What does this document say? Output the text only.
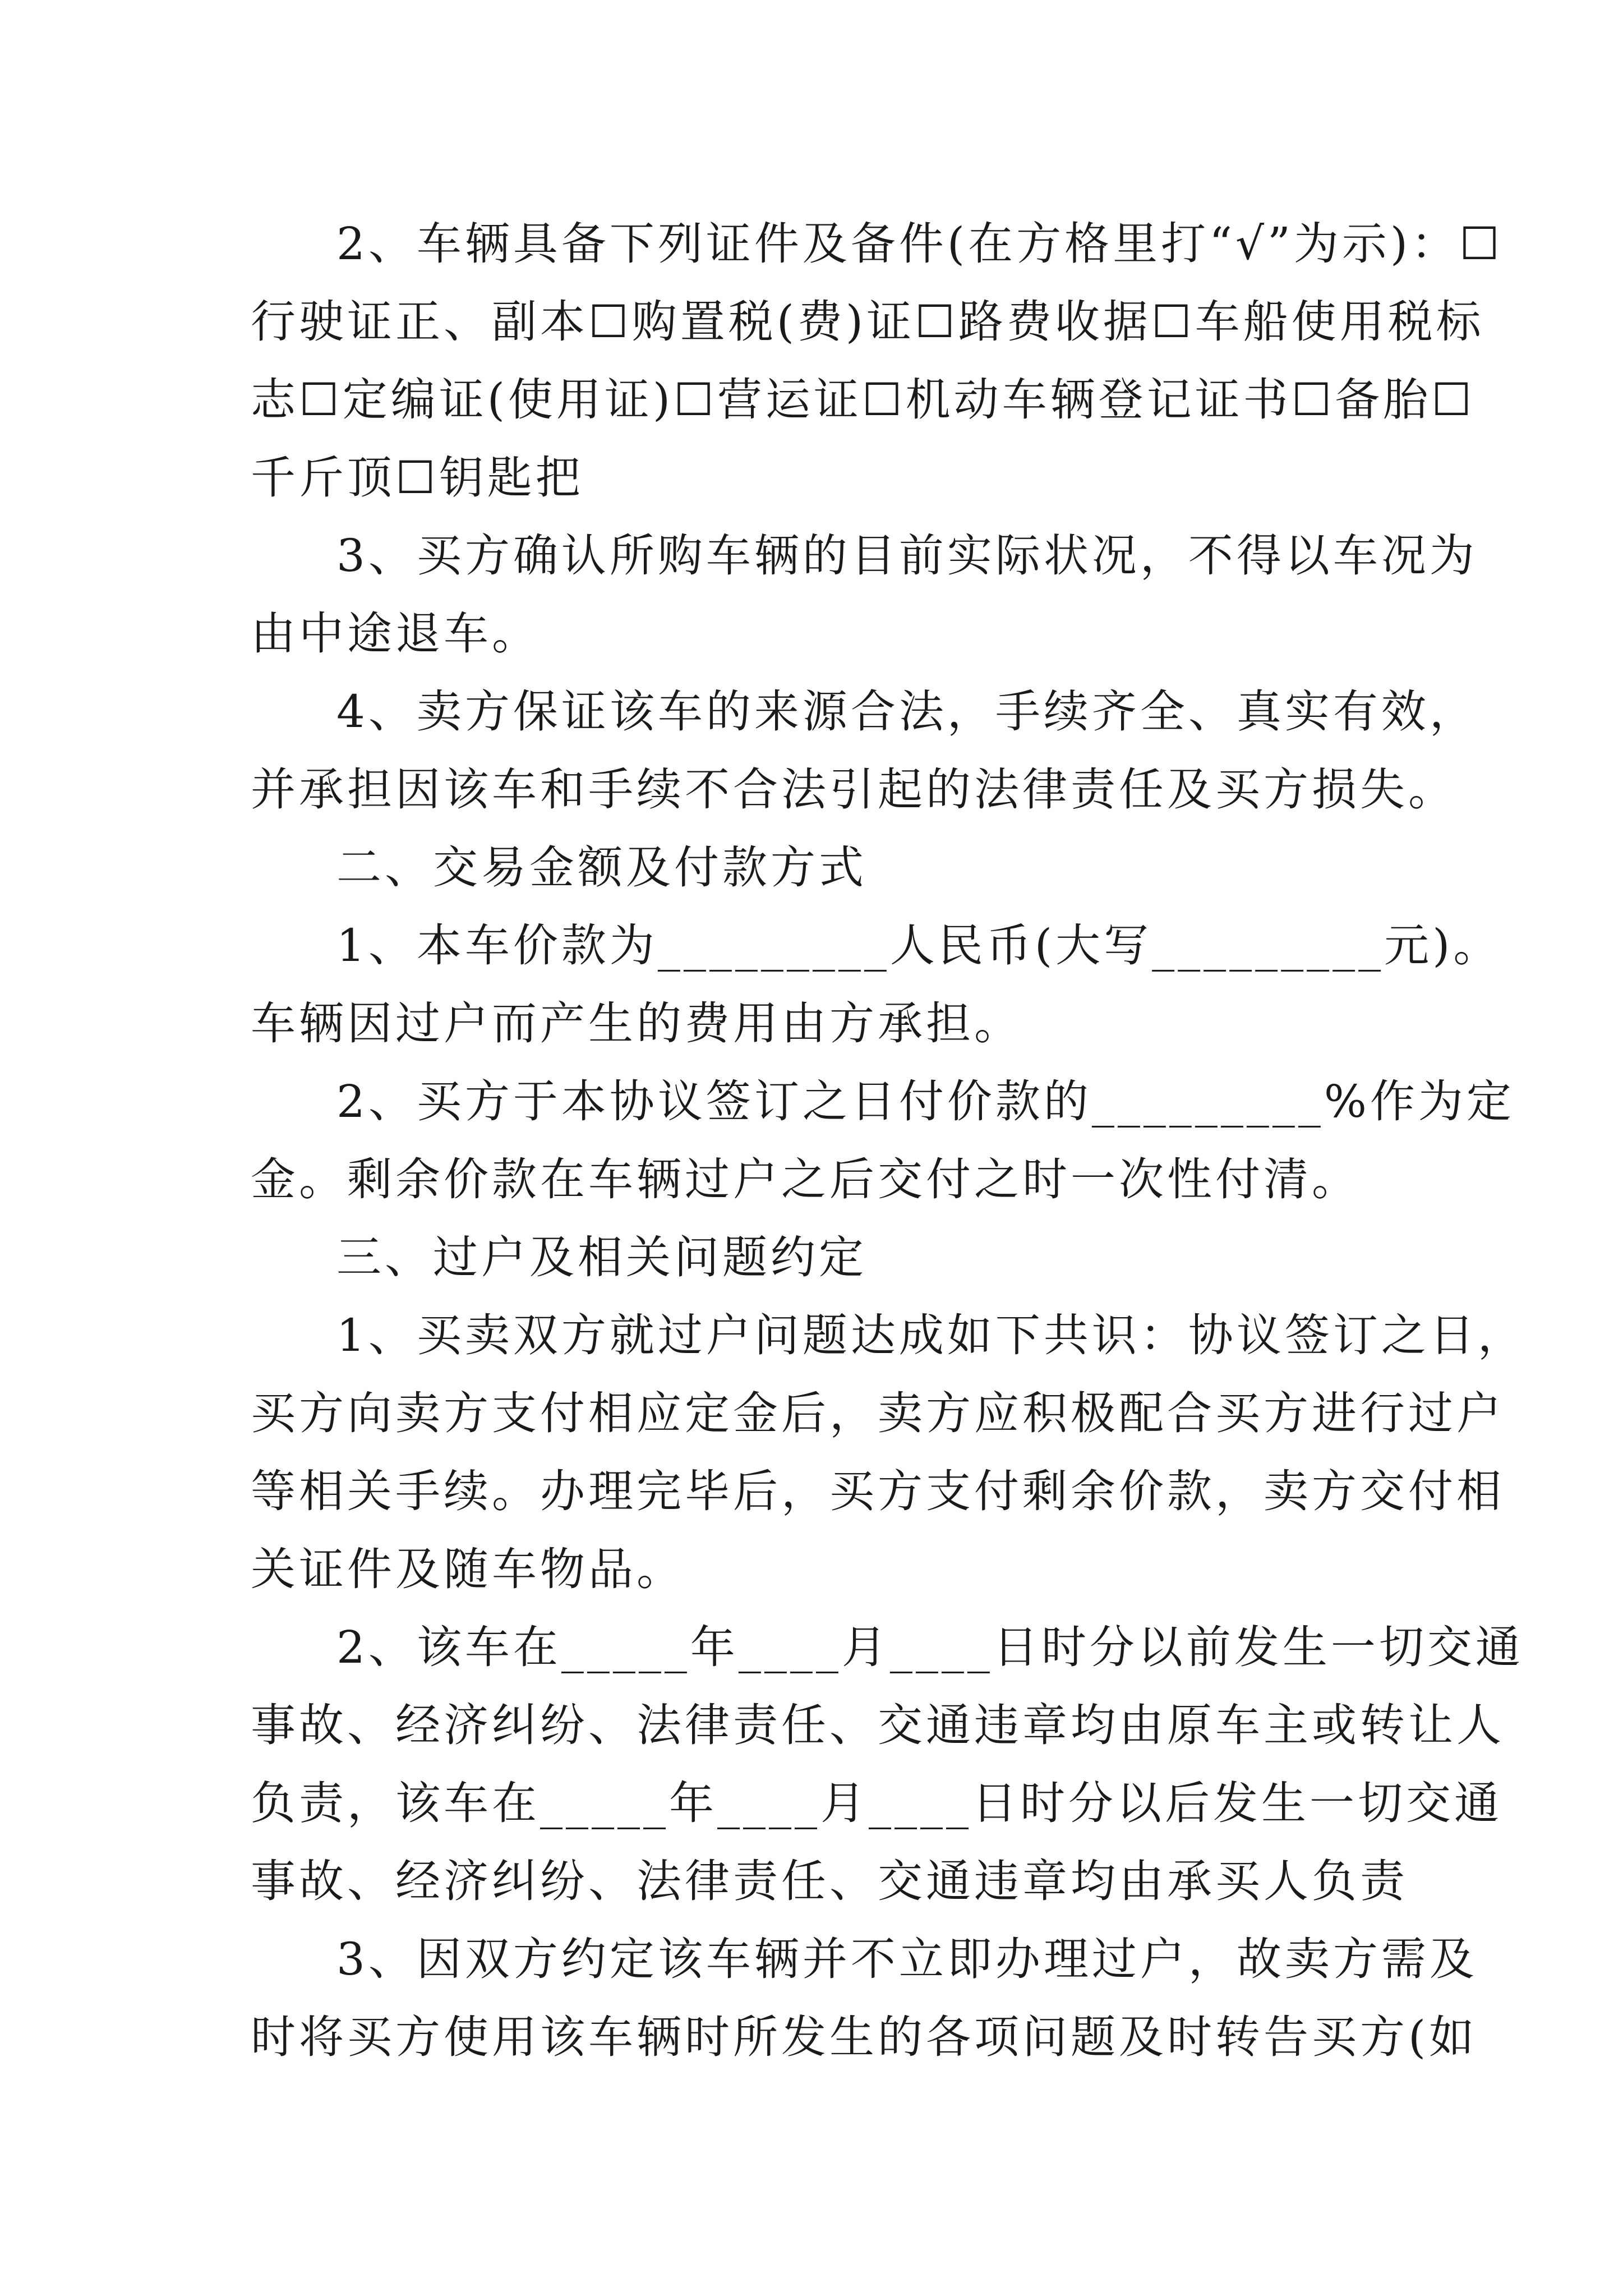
2、车辆具备下列证件及备件(在方格里打“√”为示)：☐
行驶证正、副本☐购置税(费)证☐路费收据☐车船使用税标
志☐定编证(使用证)☐营运证☐机动车辆登记证书☐备胎☐
千斤顶☐钥匙把
3、买方确认所购车辆的目前实际状况，不得以车况为
由中途退车。
4、卖方保证该车的来源合法，手续齐全、真实有效，
并承担因该车和手续不合法引起的法律责任及买方损失。
二、交易金额及付款方式
1、本车价款为_________人民币(大写_________元)。
车辆因过户而产生的费用由方承担。
2、买方于本协议签订之日付价款的_________%作为定
金。剩余价款在车辆过户之后交付之时一次性付清。
三、过户及相关问题约定
1、买卖双方就过户问题达成如下共识：协议签订之日，
买方向卖方支付相应定金后，卖方应积极配合买方进行过户
等相关手续。办理完毕后，买方支付剩余价款，卖方交付相
关证件及随车物品。
2、该车在_____年____月____日时分以前发生一切交通
事故、经济纠纷、法律责任、交通违章均由原车主或转让人
负责，该车在_____年____月____日时分以后发生一切交通
事故、经济纠纷、法律责任、交通违章均由承买人负责
3、因双方约定该车辆并不立即办理过户，故卖方需及
时将买方使用该车辆时所发生的各项问题及时转告买方(如
